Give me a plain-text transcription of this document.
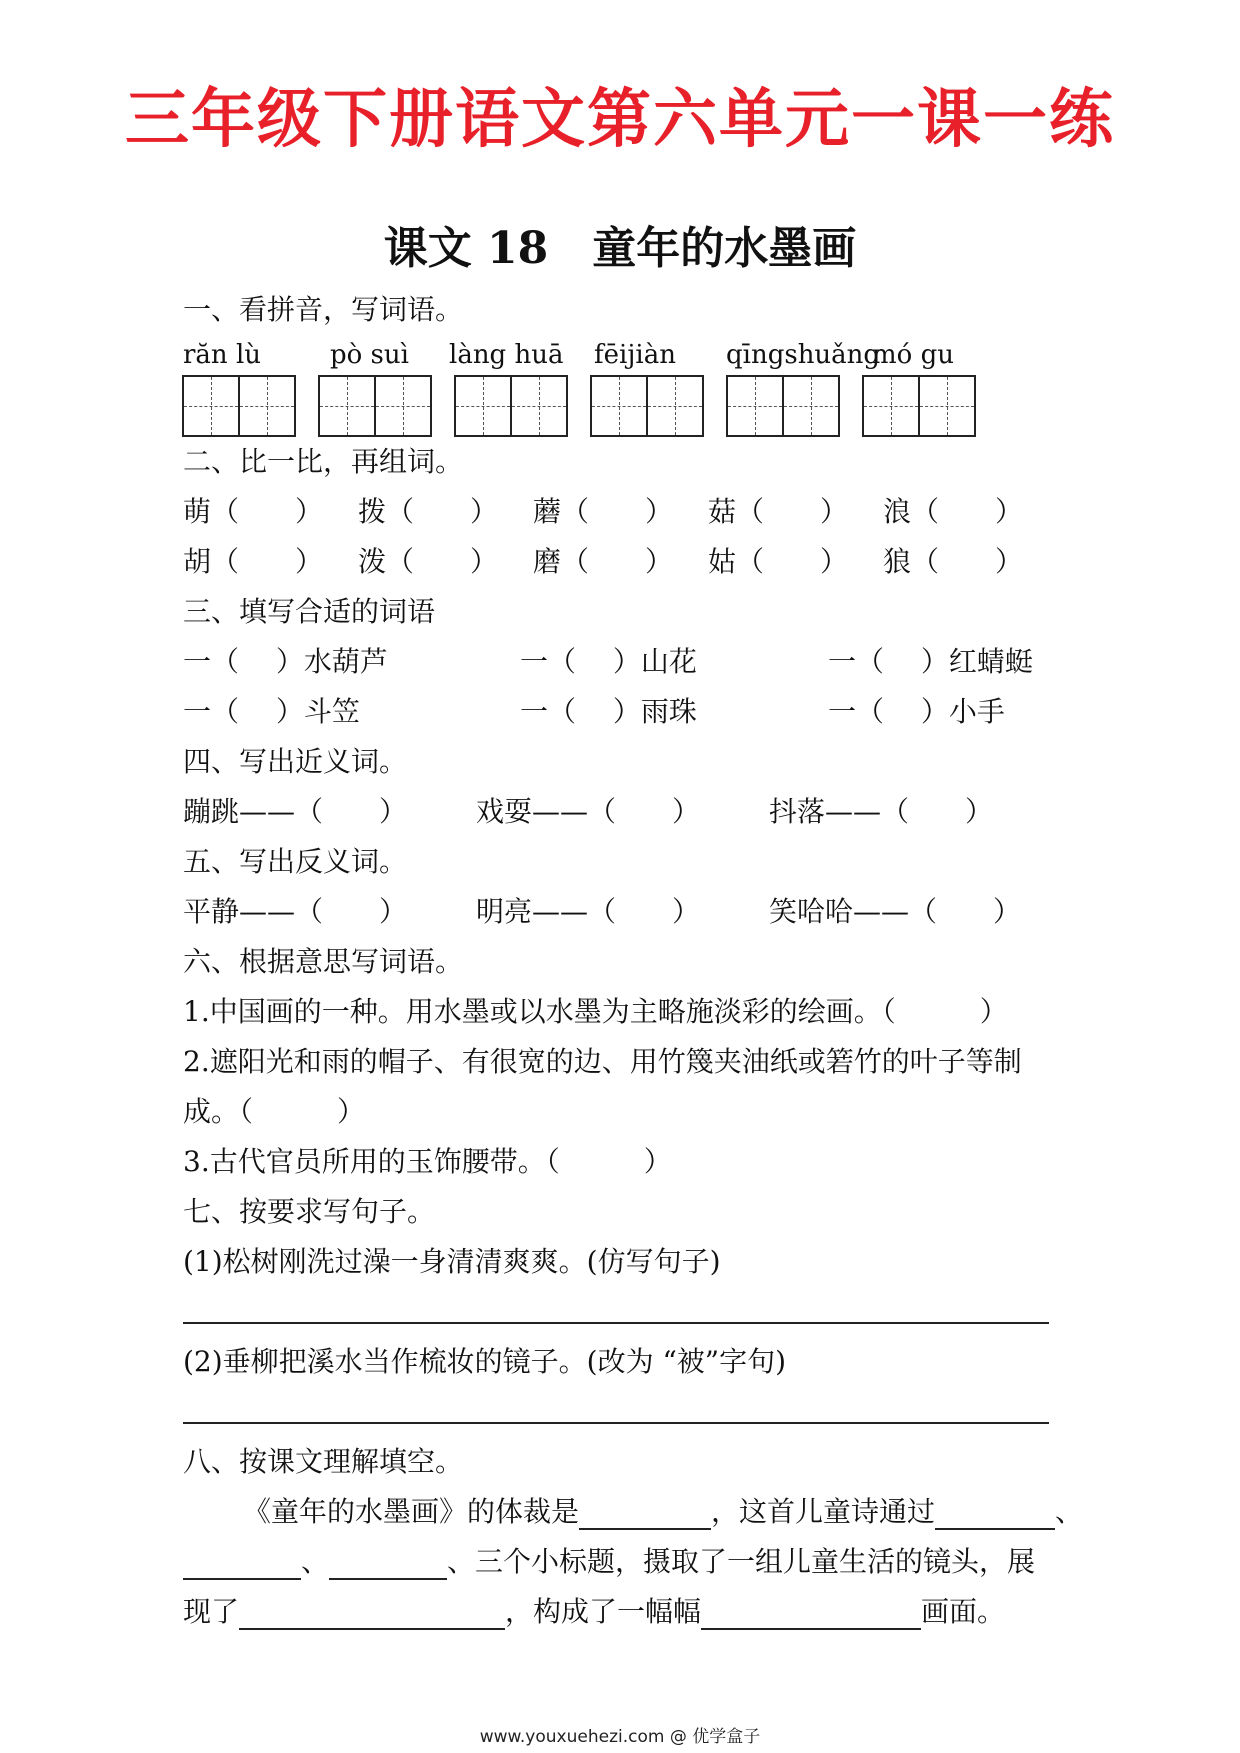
三年级下册语文第六单元一课一练
课文 18 童年的水墨画
一、看拼音，写词语。
răn lù	pò suì làng huā fēijiàn qīngshuǎng
mó gu
二、比一比，再组词。
萌（　　） 拨（　　） 蘑（　　） 菇（　　） 浪（　　）
胡（　　） 泼（　　） 磨（　　） 姑（　　） 狼（　　）
三、填写合适的词语
一（　 ）水葫芦	一（　 ）山花	一（　 ）红蜻蜓
一（　 ）斗笠	一（　 ）雨珠	一（　 ）小手
四、写出近义词。
蹦跳——（　　） 戏耍——（　　） 抖落——（　　）
五、写出反义词。
平静——（　　） 明亮——（　　） 笑哈哈——（　　）
六、根据意思写词语。
1.中国画的一种。用水墨或以水墨为主略施淡彩的绘画。（　　　）
2.遮阳光和雨的帽子、有很宽的边、用竹篾夹油纸或箬竹的叶子等制
成。（　　　）
3.古代官员所用的玉饰腰带。（　　　）
七、按要求写句子。
(1)松树刚洗过澡一身清清爽爽。(仿写句子)
(2)垂柳把溪水当作梳妆的镜子。(改为 “被”字句)
八、按课文理解填空。
《童年的水墨画》的体裁是	，这首儿童诗通过	、
、	、三个小标题，摄取了一组儿童生活的镜头，展
现了	，构成了一幅幅	画面。
www.youxuehezi.com @ 优学盒子
